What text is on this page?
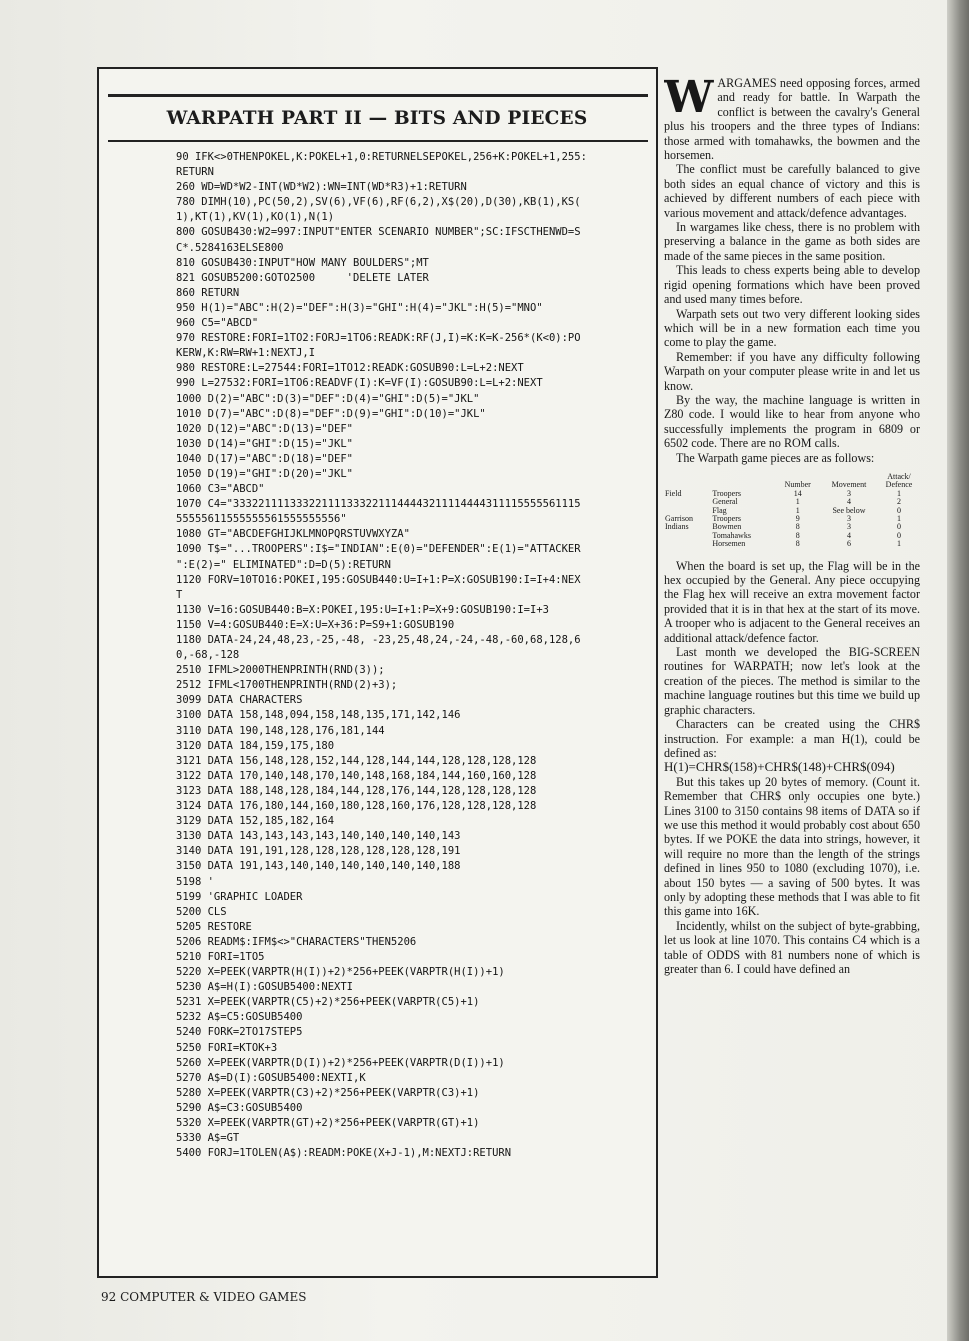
WARPATH PART II — BITS AND PIECES
90 IFK<>0THENPOKEL,K:POKEL+1,0:RETURNELSEPOKEL,256+K:POKEL+1,255:
RETURN
260 WD=WD*W2-INT(WD*W2):WN=INT(WD*R3)+1:RETURN
780 DIMH(10),PC(50,2),SV(6),VF(6),RF(6,2),X$(20),D(30),KB(1),KS(
1),KT(1),KV(1),KO(1),N(1)
800 GOSUB430:W2=997:INPUT"ENTER SCENARIO NUMBER";SC:IFSCTHENWD=S
C*.5284163ELSE800
810 GOSUB430:INPUT"HOW MANY BOULDERS";MT
821 GOSUB5200:GOTO2500     'DELETE LATER
860 RETURN
950 H(1)="ABC":H(2)="DEF":H(3)="GHI":H(4)="JKL":H(5)="MNO"
960 C5="ABCD"
970 RESTORE:FORI=1TO2:FORJ=1TO6:READK:RF(J,I)=K:K=K-256*(K<0):PO
KERW,K:RW=RW+1:NEXTJ,I
980 RESTORE:L=27544:FORI=1TO12:READK:GOSUB90:L=L+2:NEXT
990 L=27532:FORI=1TO6:READVF(I):K=VF(I):GOSUB90:L=L+2:NEXT
1000 D(2)="ABC":D(3)="DEF":D(4)="GHI":D(5)="JKL"
1010 D(7)="ABC":D(8)="DEF":D(9)="GHI":D(10)="JKL"
1020 D(12)="ABC":D(13)="DEF"
1030 D(14)="GHI":D(15)="JKL"
1040 D(17)="ABC":D(18)="DEF"
1050 D(19)="GHI":D(20)="JKL"
1060 C3="ABCD"
1070 C4="3332211113332211113332211144443211114444311115555561115
55555611555555561555555556"
1080 GT="ABCDEFGHIJKLMNOPQRSTUVWXYZA"
1090 T$="...TROOPERS":I$="INDIAN":E(0)="DEFENDER":E(1)="ATTACKER
":E(2)=" ELIMINATED":D=D(5):RETURN
1120 FORV=10TO16:POKEI,195:GOSUB440:U=I+1:P=X:GOSUB190:I=I+4:NEX
T
1130 V=16:GOSUB440:B=X:POKEI,195:U=I+1:P=X+9:GOSUB190:I=I+3
1150 V=4:GOSUB440:E=X:U=X+36:P=S9+1:GOSUB190
1180 DATA-24,24,48,23,-25,-48, -23,25,48,24,-24,-48,-60,68,128,6
0,-68,-128
2510 IFML>2000THENPRINTH(RND(3));
2512 IFML<1700THENPRINTH(RND(2)+3);
3099 DATA CHARACTERS
3100 DATA 158,148,094,158,148,135,171,142,146
3110 DATA 190,148,128,176,181,144
3120 DATA 184,159,175,180
3121 DATA 156,148,128,152,144,128,144,144,128,128,128,128
3122 DATA 170,140,148,170,140,148,168,184,144,160,160,128
3123 DATA 188,148,128,184,144,128,176,144,128,128,128,128
3124 DATA 176,180,144,160,180,128,160,176,128,128,128,128
3129 DATA 152,185,182,164
3130 DATA 143,143,143,143,140,140,140,140,143
3140 DATA 191,191,128,128,128,128,128,128,191
3150 DATA 191,143,140,140,140,140,140,140,188
5198 '
5199 'GRAPHIC LOADER
5200 CLS
5205 RESTORE
5206 READM$:IFM$<>"CHARACTERS"THEN5206
5210 FORI=1TO5
5220 X=PEEK(VARPTR(H(I))+2)*256+PEEK(VARPTR(H(I))+1)
5230 A$=H(I):GOSUB5400:NEXTI
5231 X=PEEK(VARPTR(C5)+2)*256+PEEK(VARPTR(C5)+1)
5232 A$=C5:GOSUB5400
5240 FORK=2TO17STEP5
5250 FORI=KTOK+3
5260 X=PEEK(VARPTR(D(I))+2)*256+PEEK(VARPTR(D(I))+1)
5270 A$=D(I):GOSUB5400:NEXTI,K
5280 X=PEEK(VARPTR(C3)+2)*256+PEEK(VARPTR(C3)+1)
5290 A$=C3:GOSUB5400
5320 X=PEEK(VARPTR(GT)+2)*256+PEEK(VARPTR(GT)+1)
5330 A$=GT
5400 FORJ=1TOLEN(A$):READM:POKE(X+J-1),M:NEXTJ:RETURN

WARGAMES need opposing forces, armed and ready for battle. In Warpath the conflict is between the cavalry's General plus his troopers and the three types of Indians: those armed with tomahawks, the bowmen and the horsemen.

The conflict must be carefully balanced to give both sides an equal chance of victory and this is achieved by different numbers of each piece with various movement and attack/defence advantages.

In wargames like chess, there is no problem with preserving a balance in the game as both sides are made of the same pieces in the same position.

This leads to chess experts being able to develop rigid opening formations which have been proved and used many times before.

Warpath sets out two very different looking sides which will be in a new formation each time you come to play the game.

Remember: if you have any difficulty following Warpath on your computer please write in and let us know.

By the way, the machine language is written in Z80 code. I would like to hear from anyone who successfully implements the program in 6809 or 6502 code. There are no ROM calls.

The Warpath game pieces are as follows:

		Number	Movement	Attack/ Defence
Field	Troopers	14	3	1
	General	1	4	2
	Flag	1	See below	0
Garrison	Troopers	9	3	1
Indians	Bowmen	8	3	0
	Tomahawks	8	4	0
	Horsemen	8	6	1

When the board is set up, the Flag will be in the hex occupied by the General. Any piece occupying the Flag hex will receive an extra movement factor provided that it is in that hex at the start of its move. A trooper who is adjacent to the General receives an additional attack/defence factor.

Last month we developed the BIG-SCREEN routines for WARPATH; now let's look at the creation of the pieces. The method is similar to the machine language routines but this time we build up graphic characters.

Characters can be created using the CHR$ instruction. For example: a man H(1), could be defined as:

H(1)=CHR$(158)+CHR$(148)+CHR$(094)

But this takes up 20 bytes of memory. (Count it. Remember that CHR$ only occupies one byte.) Lines 3100 to 3150 contains 98 items of DATA so if we use this method it would probably cost about 650 bytes. If we POKE the data into strings, however, it will require no more than the length of the strings defined in lines 950 to 1080 (excluding 1070), i.e. about 150 bytes — a saving of 500 bytes. It was only by adopting these methods that I was able to fit this game into 16K.

Incidently, whilst on the subject of byte-grabbing, let us look at line 1070. This contains C4 which is a table of ODDS with 81 numbers none of which is greater than 6. I could have defined an

92 COMPUTER & VIDEO GAMES
